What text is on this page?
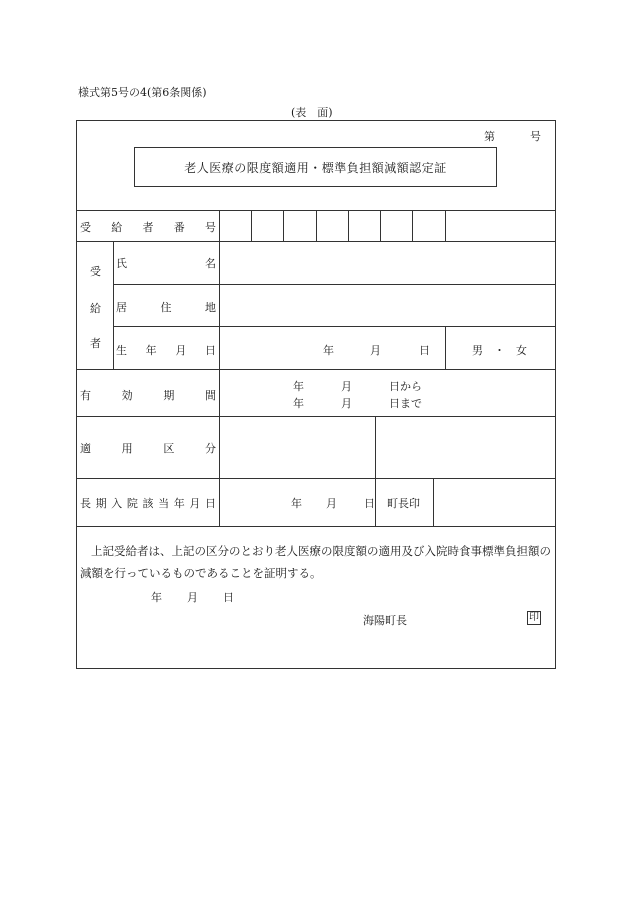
様式第5号の4(第6条関係)
(表　面)
第	号
老人医療の限度額適用・標準負担額減額認定証
受 給 者 番 号
受
給
者
氏	名
居	住	地
生 年 月 日	年	月	日	男　・　女
有	効	期	間
年	月	日から
年	月	日まで
適	用	区	分
長 期 入 院 該 当 年 月 日	年 月 日 町長印
上記受給者は、上記の区分のとおり老人医療の限度額の適用及び入院時食事標準負担額の減額を行っているものであることを証明する。
年 月 日
海陽町長	印
